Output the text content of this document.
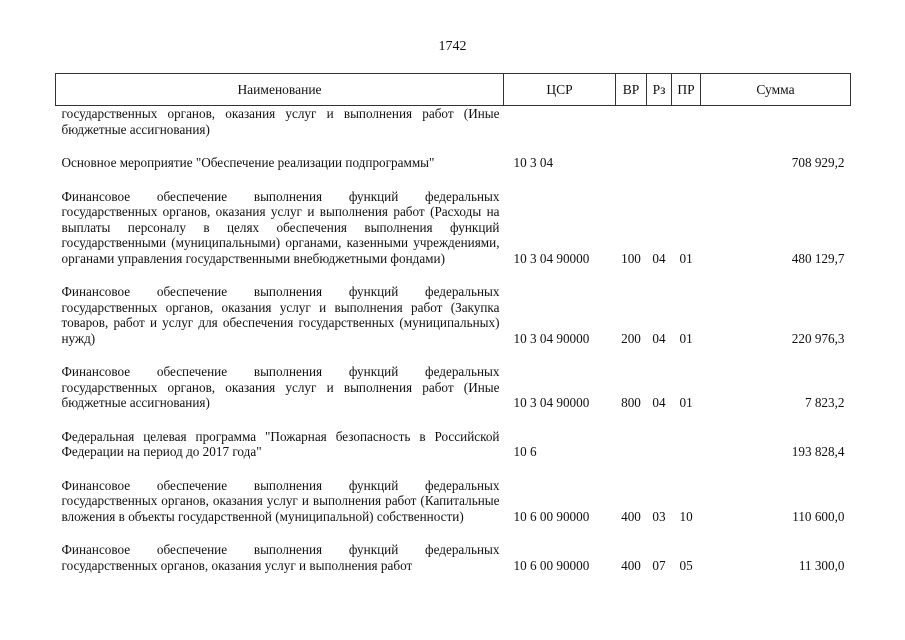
1742
Наименование	ЦСР	ВР	Рз	ПР	Сумма
государственных органов, оказания услуг и выполнения работ (Иные бюджетные ассигнования)					

Основное мероприятие "Обеспечение реализации подпрограммы"	10 3 04				708 929,2

Финансовое обеспечение выполнения функций федеральных государственных органов, оказания услуг и выполнения работ (Расходы на выплаты персоналу в целях обеспечения выполнения функций государственными (муниципальными) органами, казенными учреждениями, органами управления государственными внебюджетными фондами)	10 3 04 90000	100	04	01	480 129,7

Финансовое обеспечение выполнения функций федеральных государственных органов, оказания услуг и выполнения работ (Закупка товаров, работ и услуг для обеспечения государственных (муниципальных) нужд)	10 3 04 90000	200	04	01	220 976,3

Финансовое обеспечение выполнения функций федеральных государственных органов, оказания услуг и выполнения работ (Иные бюджетные ассигнования)	10 3 04 90000	800	04	01	7 823,2

Федеральная целевая программа "Пожарная безопасность в Российской Федерации на период до 2017 года"	10 6				193 828,4

Финансовое обеспечение выполнения функций федеральных государственных органов, оказания услуг и выполнения работ (Капитальные вложения в объекты государственной (муниципальной) собственности)	10 6 00 90000	400	03	10	110 600,0

Финансовое обеспечение выполнения функций федеральных государственных органов, оказания услуг и выполнения работ	10 6 00 90000	400	07	05	11 300,0
